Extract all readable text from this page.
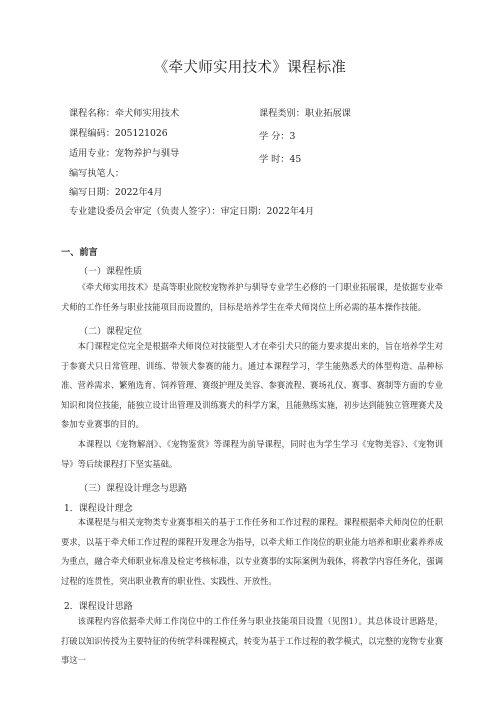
《牵犬师实用技术》课程标准
课程名称：牵犬师实用技术	课程类别：职业拓展课
课程编码：205121026	学 分：3
适用专业：宠物养护与驯导
学 时：45
编写执笔人：
编写日期：2022年4月
专业建设委员会审定（负责人签字）：审定日期：2022年4月
一、前言
（一）课程性质

《牵犬师实用技术》是高等职业院校宠物养护与驯导专业学生必修的一门职业拓展课，是依据专业牵犬师的工作任务与职业技能项目而设置的，目标是培养学生在牵犬师岗位上所必需的基本操作技能。

（二）课程定位

本门课程定位完全是根据牵犬师岗位对技能型人才在牵引犬只的能力要求提出来的，旨在培养学生对于参赛犬只日常管理、训练、带领犬参赛的能力。通过本课程学习，学生能熟悉犬的体型构造、品种标准、营养需求、繁殖选育、饲养管理、赛级护理及美容、参赛流程、赛场礼仪、赛事、赛制等方面的专业知识和岗位技能，能独立设计出管理及训练赛犬的科学方案，且能熟练实施，初步达到能独立管理赛犬及参加专业赛事的目的。

本课程以《宠物解剖》、《宠物鉴赏》等课程为前导课程，同时也为学生学习《宠物美容》、《宠物训导》等后续课程打下坚实基础。

（三）课程设计理念与思路
1．课程设计理念

本课程是与相关宠物类专业赛事相关的基于工作任务和工作过程的课程。课程根据牵犬师岗位的任职要求，以基于牵犬师工作过程的课程开发理念为指导，以牵犬师工作岗位的职业能力培养和职业素养养成为重点，融合牵犬师职业标准及检定考核标准，以专业赛事的实际案例为载体，将教学内容任务化，强调过程的连贯性，突出职业教育的职业性、实践性、开放性。

2．课程设计思路

该课程内容依据牵犬师工作岗位中的工作任务与职业技能项目设置（见图1）。其总体设计思路是，打破以知识传授为主要特征的传统学科课程模式，转变为基于工作过程的教学模式，以完整的宠物专业赛事这一
